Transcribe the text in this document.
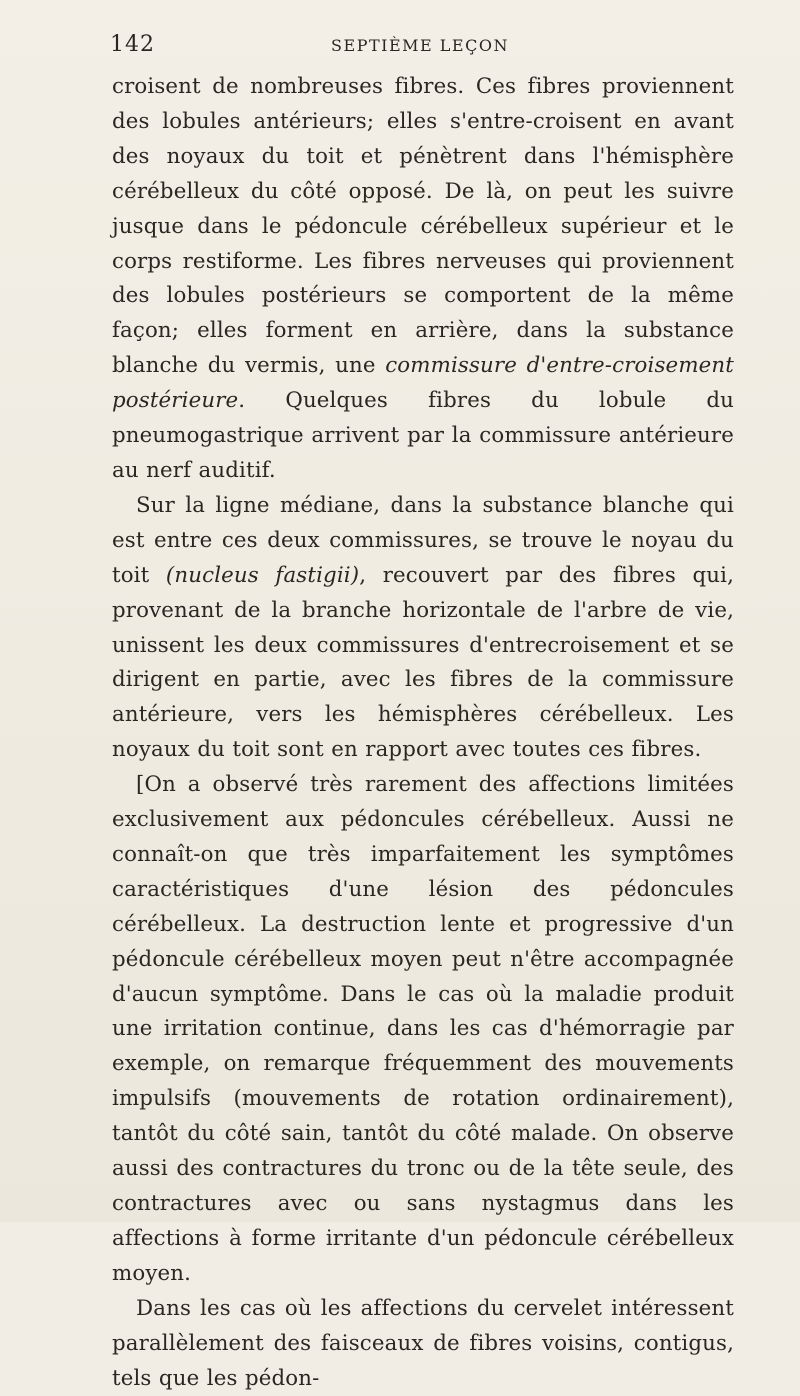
142	SEPTIÈME LEÇON

croisent de nombreuses fibres. Ces fibres proviennent des lobules antérieurs; elles s'entre-croisent en avant des noyaux du toit et pénètrent dans l'hémisphère cérébelleux du côté opposé. De là, on peut les suivre jusque dans le pédoncule cérébelleux supérieur et le corps restiforme. Les fibres nerveuses qui proviennent des lobules postérieurs se comportent de la même façon; elles forment en arrière, dans la substance blanche du vermis, une commissure d'entre-croisement postérieure. Quelques fibres du lobule du pneumogastrique arrivent par la commissure antérieure au nerf auditif.

Sur la ligne médiane, dans la substance blanche qui est entre ces deux commissures, se trouve le noyau du toit (nucleus fastigii), recouvert par des fibres qui, provenant de la branche horizontale de l'arbre de vie, unissent les deux commissures d'entrecroisement et se dirigent en partie, avec les fibres de la commissure antérieure, vers les hémisphères cérébelleux. Les noyaux du toit sont en rapport avec toutes ces fibres.

[On a observé très rarement des affections limitées exclusivement aux pédoncules cérébelleux. Aussi ne connaît-on que très imparfaitement les symptômes caractéristiques d'une lésion des pédoncules cérébelleux. La destruction lente et progressive d'un pédoncule cérébelleux moyen peut n'être accompagnée d'aucun symptôme. Dans le cas où la maladie produit une irritation continue, dans les cas d'hémorragie par exemple, on remarque fréquemment des mouvements impulsifs (mouvements de rotation ordinairement), tantôt du côté sain, tantôt du côté malade. On observe aussi des contractures du tronc ou de la tête seule, des contractures avec ou sans nystagmus dans les affections à forme irritante d'un pédoncule cérébelleux moyen.

Dans les cas où les affections du cervelet intéressent parallèlement des faisceaux de fibres voisins, contigus, tels que les pédon-
